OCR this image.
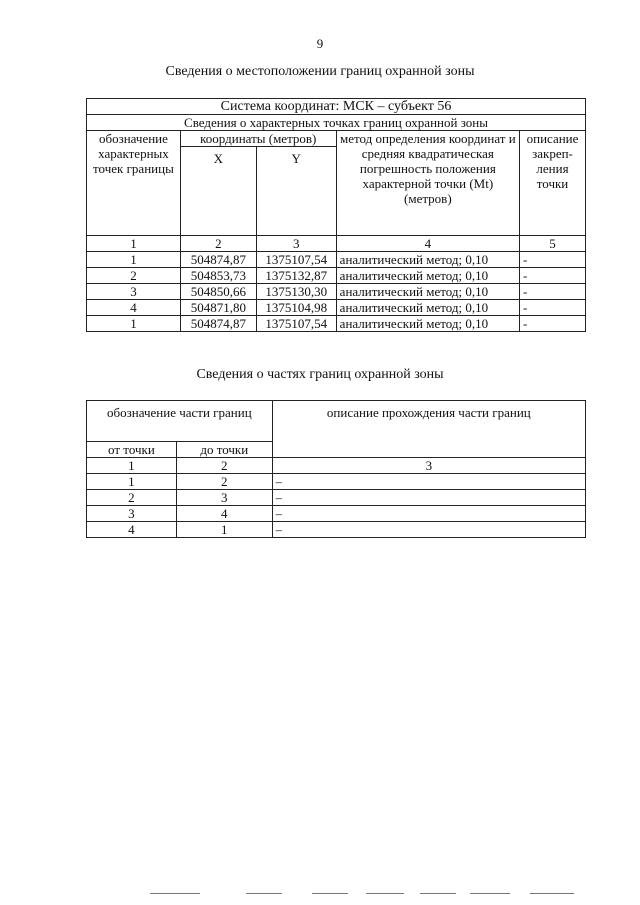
9
Сведения о местоположении границ охранной зоны
Система координат: МСК – субъект 56				
Сведения о характерных точках границ охранной зоны				
обозначение характерных точек границы	координаты (метров)		метод определения координат и средняя квадратическая погрешность положения характерной точки (Mt) (метров)	описание закреп-ления точки
	X	Y		
1	2	3	4	5
1	504874,87	1375107,54	аналитический метод; 0,10	-
2	504853,73	1375132,87	аналитический метод; 0,10	-
3	504850,66	1375130,30	аналитический метод; 0,10	-
4	504871,80	1375104,98	аналитический метод; 0,10	-
1	504874,87	1375107,54	аналитический метод; 0,10	-
Сведения о частях границ охранной зоны
обозначение части границ		описание прохождения части границ
от точки	до точки	
1	2	3
1	2	–
2	3	–
3	4	–
4	1	–
